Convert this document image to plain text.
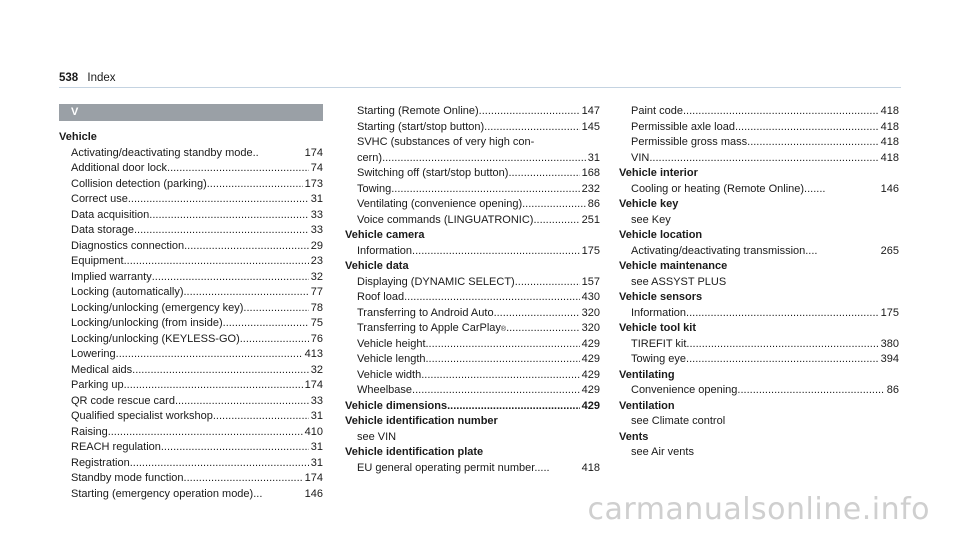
538 Index
V
Vehicle
Activating/deactivating standby mode..	174
Additional door lock .....	74
Collision detection (parking) .....	173
Correct use .....	31
Data acquisition .....	33
Data storage .....	33
Diagnostics connection .....	29
Equipment .....	23
Implied warranty .....	32
Locking (automatically) .....	77
Locking/unlocking (emergency key) .....	78
Locking/unlocking (from inside) .....	75
Locking/unlocking (KEYLESS-GO) .....	76
Lowering .....	413
Medical aids .....	32
Parking up .....	174
QR code rescue card .....	33
Qualified specialist workshop .....	31
Raising .....	410
REACH regulation .....	31
Registration .....	31
Standby mode function .....	174
Starting (emergency operation mode)...	146
Starting (Remote Online) .....	147
Starting (start/stop button) .....	145
SVHC (substances of very high con-
cern) .....	31
Switching off (start/stop button) .....	168
Towing .....	232
Ventilating (convenience opening) .....	86
Voice commands (LINGUATRONIC) .....	251
Vehicle camera
Information .....	175
Vehicle data
Displaying (DYNAMIC SELECT) .....	157
Roof load .....	430
Transferring to Android Auto .....	320
Transferring to Apple CarPlay ® .....	320
Vehicle height .....	429
Vehicle length .....	429
Vehicle width .....	429
Wheelbase .....	429
Vehicle dimensions .....	429
Vehicle identification number
see VIN
Vehicle identification plate
EU general operating permit number.....	418
Paint code .....	418
Permissible axle load .....	418
Permissible gross mass .....	418
VIN .....	418
Vehicle interior
Cooling or heating (Remote Online).......	146
Vehicle key
see Key
Vehicle location
Activating/deactivating transmission....	265
Vehicle maintenance
see ASSYST PLUS
Vehicle sensors
Information .....	175
Vehicle tool kit
TIREFIT kit .....	380
Towing eye .....	394
Ventilating
Convenience opening .....	86
Ventilation
see Climate control
Vents
see Air vents
carmanualsonline.info
